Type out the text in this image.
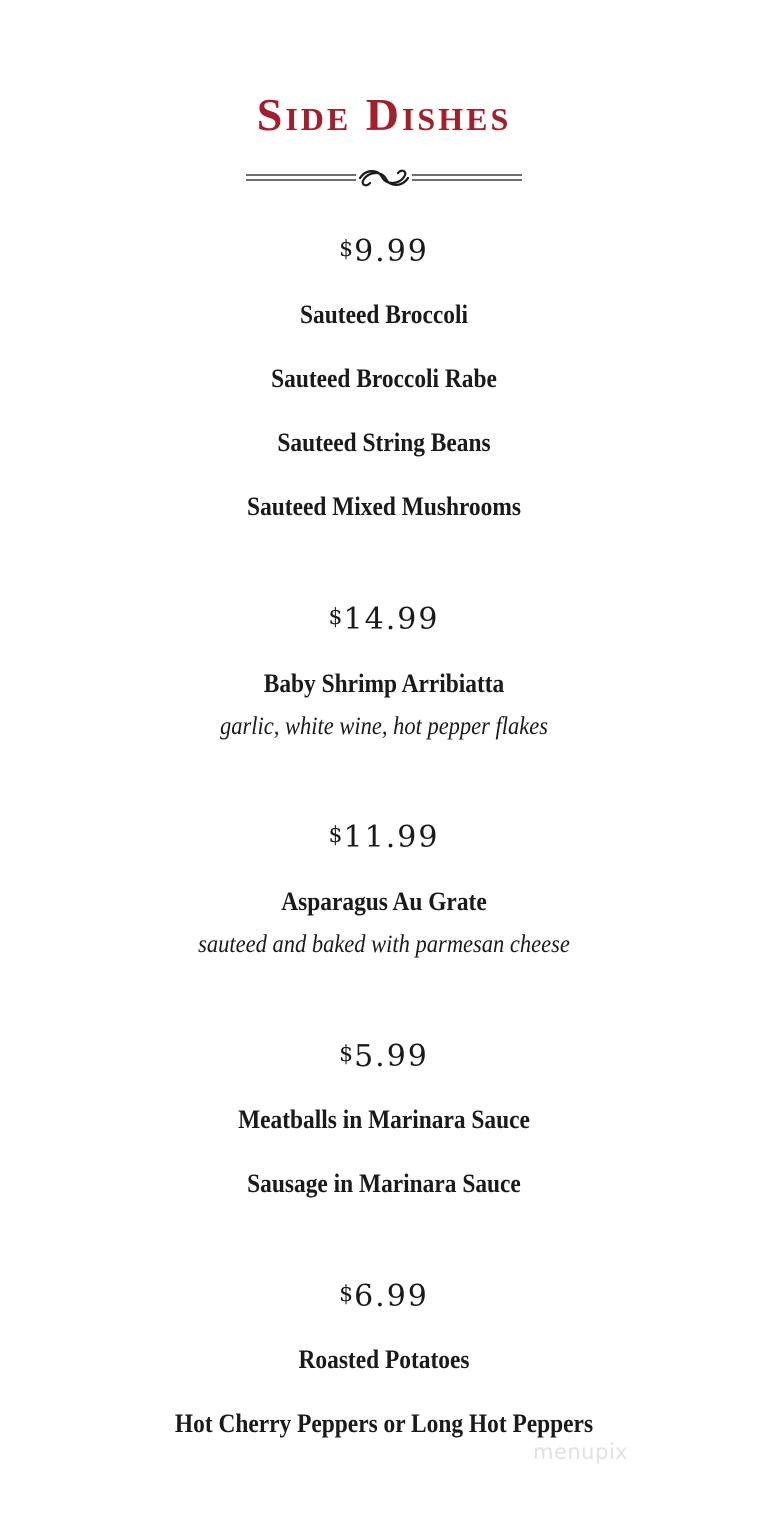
Side Dishes
$9.99
Sauteed Broccoli
Sauteed Broccoli Rabe
Sauteed String Beans
Sauteed Mixed Mushrooms
$14.99
Baby Shrimp Arribiatta
garlic, white wine, hot pepper flakes
$11.99
Asparagus Au Grate
sauteed and baked with parmesan cheese
$5.99
Meatballs in Marinara Sauce
Sausage in Marinara Sauce
$6.99
Roasted Potatoes
Hot Cherry Peppers or Long Hot Peppers
menupix
